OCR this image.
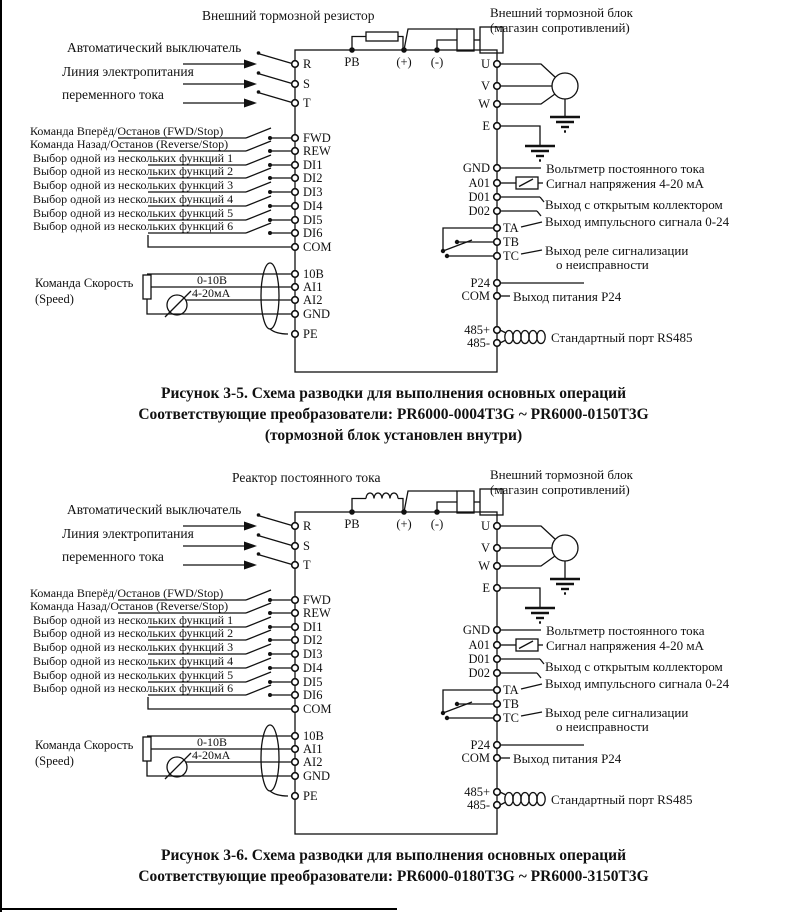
Внешний тормозной резистор	Внешний тормозной блок
(магазин сопротивлений)
Автоматический выключатель
Линия электропитания
переменного тока
Команда Вперёд/Останов (FWD/Stop)
Команда Назад/Останов (Reverse/Stop)
Выбор одной из нескольких функций 1
Выбор одной из нескольких функций 2
Выбор одной из нескольких функций 3
Выбор одной из нескольких функций 4
Выбор одной из нескольких функций 5
Выбор одной из нескольких функций 6
Команда Скорость
(Speed)
0-10B
4-20мА
PB	(+)	(-)
R
S
T
FWD
REW
DI1
DI2
DI3
DI4
DI5
DI6
COM
10B
AI1
AI2
GND
PE
U
V
W
E
GND
A01
D01
D02
P24
COM
485+
485-
TA
TB
TC
Вольтметр постоянного тока
Сигнал напряжения 4-20 мА
Выход с открытым коллектором
Выход импульсного сигнала 0-24
Выход реле сигнализации
о неисправности
Выход питания P24
Стандартный порт RS485
Рисунок 3-5. Схема разводки для выполнения основных операций
Соответствующие преобразователи: PR6000-0004T3G ~ PR6000-0150T3G
(тормозной блок установлен внутри)
Реактор постоянного тока	Внешний тормозной блок
(магазин сопротивлений)
Автоматический выключатель
Линия электропитания
переменного тока
Команда Вперёд/Останов (FWD/Stop)
Команда Назад/Останов (Reverse/Stop)
Выбор одной из нескольких функций 1
Выбор одной из нескольких функций 2
Выбор одной из нескольких функций 3
Выбор одной из нескольких функций 4
Выбор одной из нескольких функций 5
Выбор одной из нескольких функций 6
Команда Скорость
(Speed)
0-10B
4-20мА
PB	(+)	(-)
R
S
T
FWD
REW
DI1
DI2
DI3
DI4
DI5
DI6
COM
10B
AI1
AI2
GND
PE
U
V
W
E
GND
A01
D01
D02
P24
COM
485+
485-
TA
TB
TC
Вольтметр постоянного тока
Сигнал напряжения 4-20 мА
Выход с открытым коллектором
Выход импульсного сигнала 0-24
Выход реле сигнализации
о неисправности
Выход питания P24
Стандартный порт RS485
Рисунок 3-6. Схема разводки для выполнения основных операций
Соответствующие преобразователи: PR6000-0180T3G ~ PR6000-3150T3G
